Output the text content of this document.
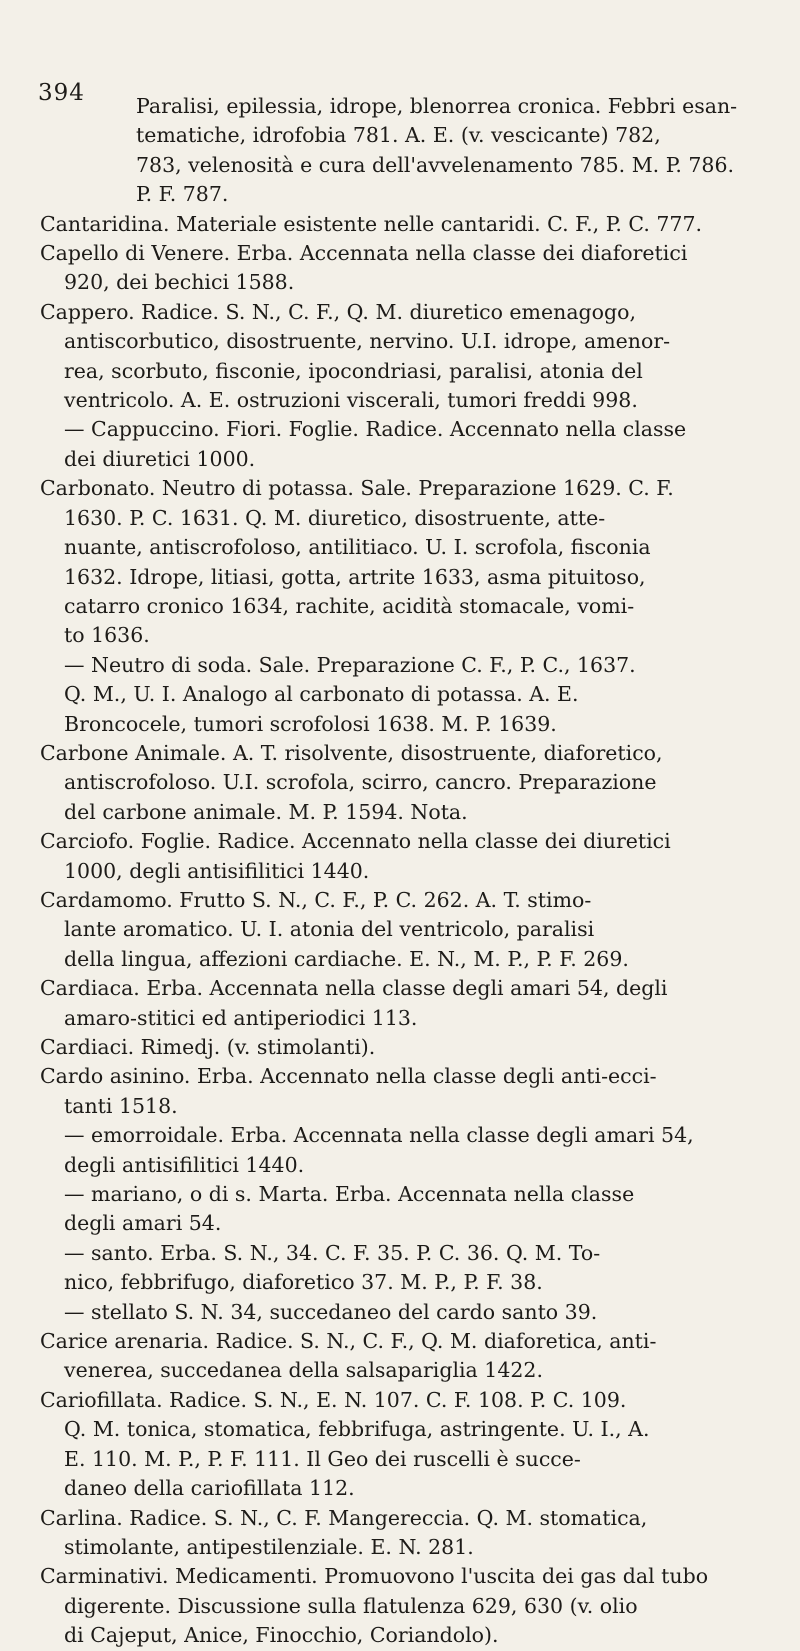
394	Paralisi, epilessia, idrope, blenorrea cronica. Febbri esan-
tematiche, idrofobia 781. A. E. (v. vescicante) 782,
783, velenosità e cura dell'avvelenamento 785. M. P. 786.
P. F. 787.
Cantaridina. Materiale esistente nelle cantaridi. C. F., P. C. 777.
Capello di Venere. Erba. Accennata nella classe dei diaforetici
920, dei bechici 1588.
Cappero. Radice. S. N., C. F., Q. M. diuretico emenagogo,
antiscorbutico, disostruente, nervino. U.I. idrope, amenor-
rea, scorbuto, fisconie, ipocondriasi, paralisi, atonia del
ventricolo. A. E. ostruzioni viscerali, tumori freddi 998.
— Cappuccino. Fiori. Foglie. Radice. Accennato nella classe
dei diuretici 1000.
Carbonato. Neutro di potassa. Sale. Preparazione 1629. C. F.
1630. P. C. 1631. Q. M. diuretico, disostruente, atte-
nuante, antiscrofoloso, antilitiaco. U. I. scrofola, fisconia
1632. Idrope, litiasi, gotta, artrite 1633, asma pituitoso,
catarro cronico 1634, rachite, acidità stomacale, vomi-
to 1636.
— Neutro di soda. Sale. Preparazione C. F., P. C., 1637.
Q. M., U. I. Analogo al carbonato di potassa. A. E.
Broncocele, tumori scrofolosi 1638. M. P. 1639.
Carbone Animale. A. T. risolvente, disostruente, diaforetico,
antiscrofoloso. U.I. scrofola, scirro, cancro. Preparazione
del carbone animale. M. P. 1594. Nota.
Carciofo. Foglie. Radice. Accennato nella classe dei diuretici
1000, degli antisifilitici 1440.
Cardamomo. Frutto S. N., C. F., P. C. 262. A. T. stimo-
lante aromatico. U. I. atonia del ventricolo, paralisi
della lingua, affezioni cardiache. E. N., M. P., P. F. 269.
Cardiaca. Erba. Accennata nella classe degli amari 54, degli
amaro-stitici ed antiperiodici 113.
Cardiaci. Rimedj. (v. stimolanti).
Cardo asinino. Erba. Accennato nella classe degli anti-ecci-
tanti 1518.
— emorroidale. Erba. Accennata nella classe degli amari 54,
degli antisifilitici 1440.
— mariano, o di s. Marta. Erba. Accennata nella classe
degli amari 54.
— santo. Erba. S. N., 34. C. F. 35. P. C. 36. Q. M. To-
nico, febbrifugo, diaforetico 37. M. P., P. F. 38.
— stellato S. N. 34, succedaneo del cardo santo 39.
Carice arenaria. Radice. S. N., C. F., Q. M. diaforetica, anti-
venerea, succedanea della salsapariglia 1422.
Cariofillata. Radice. S. N., E. N. 107. C. F. 108. P. C. 109.
Q. M. tonica, stomatica, febbrifuga, astringente. U. I., A.
E. 110. M. P., P. F. 111. Il Geo dei ruscelli è succe-
daneo della cariofillata 112.
Carlina. Radice. S. N., C. F. Mangereccia. Q. M. stomatica,
stimolante, antipestilenziale. E. N. 281.
Carminativi. Medicamenti. Promuovono l'uscita dei gas dal tubo
digerente. Discussione sulla flatulenza 629, 630 (v. olio
di Cajeput, Anice, Finocchio, Coriandolo).
